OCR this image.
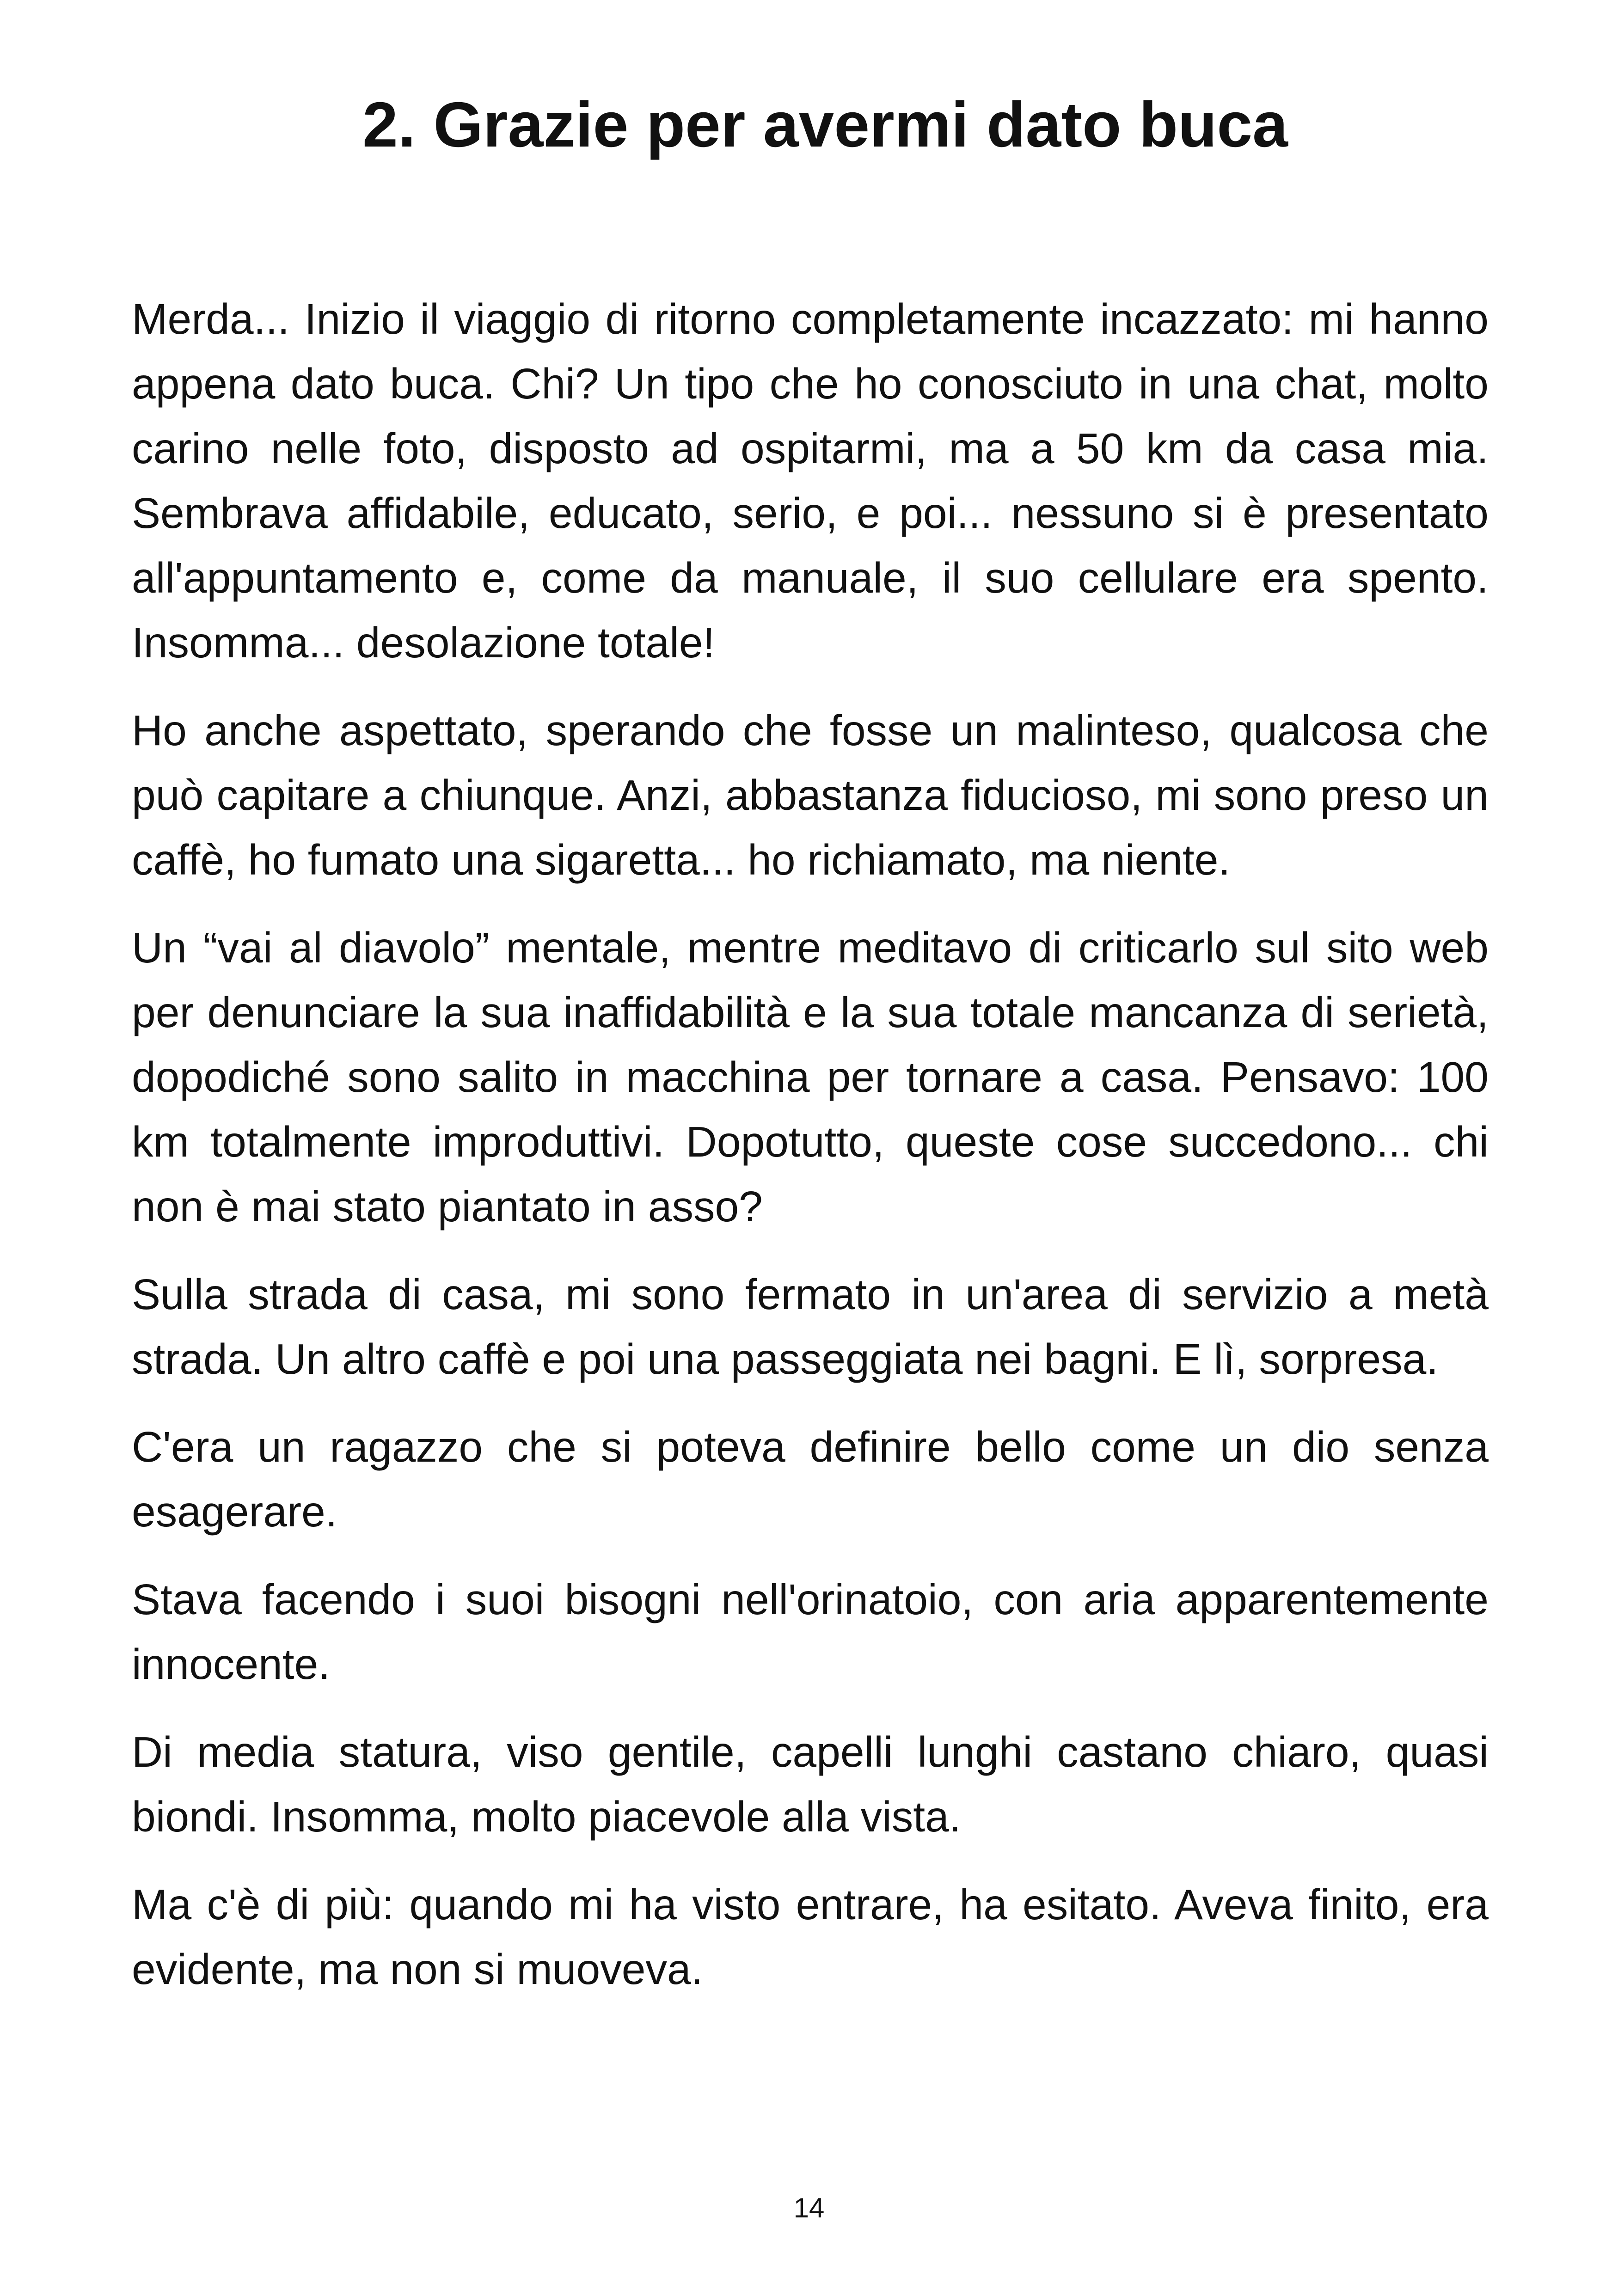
2. Grazie per avermi dato buca

Merda... Inizio il viaggio di ritorno completamente incazzato: mi hanno appena dato buca. Chi? Un tipo che ho conosciuto in una chat, molto carino nelle foto, disposto ad ospitarmi, ma a 50 km da casa mia. Sembrava affidabile, educato, serio, e poi... nessuno si è presentato all'appuntamento e, come da manuale, il suo cellulare era spento. Insomma... desolazione totale!

Ho anche aspettato, sperando che fosse un malinteso, qualcosa che può capitare a chiunque. Anzi, abbastanza fiducioso, mi sono preso un caffè, ho fumato una sigaretta... ho richiamato, ma niente.

Un “vai al diavolo” mentale, mentre meditavo di criticarlo sul sito web per denunciare la sua inaffidabilità e la sua totale mancanza di serietà, dopodiché sono salito in macchina per tornare a casa. Pensavo: 100 km totalmente improduttivi. Dopotutto, queste cose succedono... chi non è mai stato piantato in asso?

Sulla strada di casa, mi sono fermato in un'area di servizio a metà strada. Un altro caffè e poi una passeggiata nei bagni. E lì, sorpresa.

C'era un ragazzo che si poteva definire bello come un dio senza esagerare.

Stava facendo i suoi bisogni nell'orinatoio, con aria apparentemente innocente.

Di media statura, viso gentile, capelli lunghi castano chiaro, quasi biondi. Insomma, molto piacevole alla vista.

Ma c'è di più: quando mi ha visto entrare, ha esitato. Aveva finito, era evidente, ma non si muoveva.

14
